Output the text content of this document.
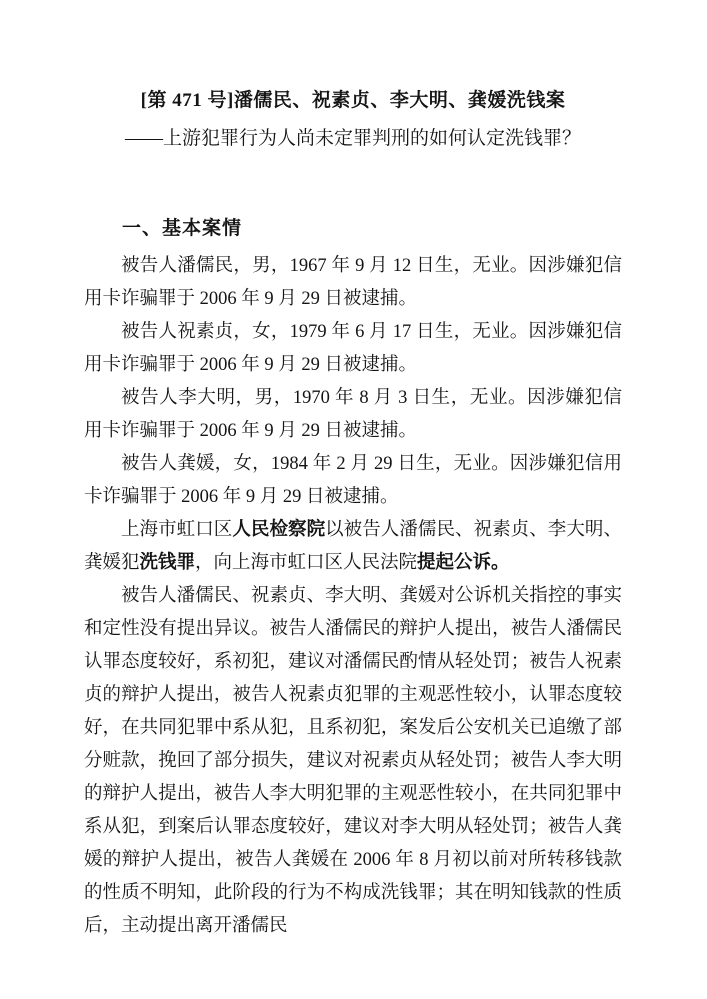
[第 471 号]潘儒民、祝素贞、李大明、龚媛洗钱案
——上游犯罪行为人尚未定罪判刑的如何认定洗钱罪？
一、基本案情

被告人潘儒民，男，1967 年 9 月 12 日生，无业。因涉嫌犯信用卡诈骗罪于 2006 年 9 月 29 日被逮捕。

被告人祝素贞，女，1979 年 6 月 17 日生，无业。因涉嫌犯信用卡诈骗罪于 2006 年 9 月 29 日被逮捕。

被告人李大明，男，1970 年 8 月 3 日生，无业。因涉嫌犯信用卡诈骗罪于 2006 年 9 月 29 日被逮捕。

被告人龚媛，女，1984 年 2 月 29 日生，无业。因涉嫌犯信用卡诈骗罪于 2006 年 9 月 29 日被逮捕。

上海市虹口区人民检察院以被告人潘儒民、祝素贞、李大明、龚媛犯洗钱罪，向上海市虹口区人民法院提起公诉。

被告人潘儒民、祝素贞、李大明、龚媛对公诉机关指控的事实和定性没有提出异议。被告人潘儒民的辩护人提出，被告人潘儒民认罪态度较好，系初犯，建议对潘儒民酌情从轻处罚；被告人祝素贞的辩护人提出，被告人祝素贞犯罪的主观恶性较小，认罪态度较好，在共同犯罪中系从犯，且系初犯，案发后公安机关已追缴了部分赃款，挽回了部分损失，建议对祝素贞从轻处罚；被告人李大明的辩护人提出，被告人李大明犯罪的主观恶性较小，在共同犯罪中系从犯，到案后认罪态度较好，建议对李大明从轻处罚；被告人龚媛的辩护人提出，被告人龚媛在 2006 年 8 月初以前对所转移钱款的性质不明知，此阶段的行为不构成洗钱罪；其在明知钱款的性质后，主动提出离开潘儒民
